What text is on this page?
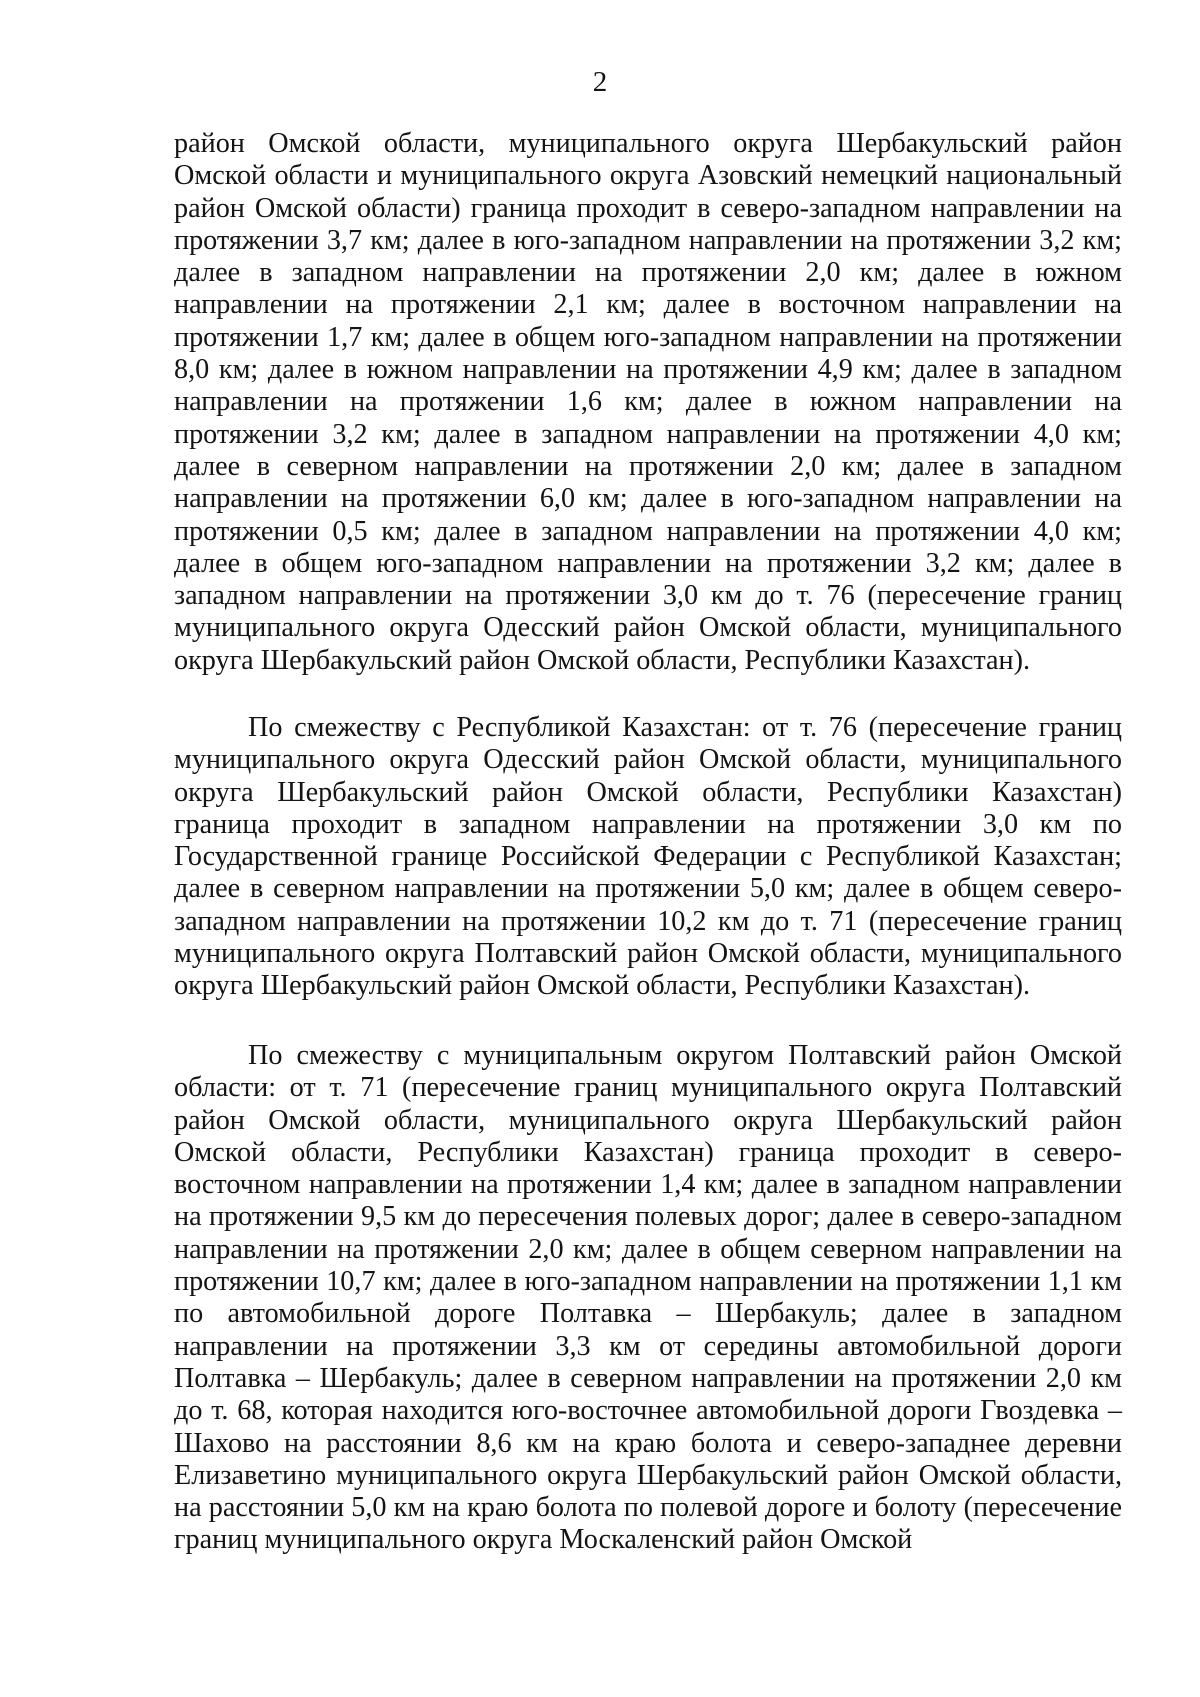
2

район Омской области, муниципального округа Шербакульский район Омской области и муниципального округа Азовский немецкий национальный район Омской области) граница проходит в северо-западном направлении на протяжении 3,7 км; далее в юго-западном направлении на протяжении 3,2 км; далее в западном направлении на протяжении 2,0 км; далее в южном направлении на протяжении 2,1 км; далее в восточном направлении на протяжении 1,7 км; далее в общем юго-западном направлении на протяжении 8,0 км; далее в южном направлении на протяжении 4,9 км; далее в западном направлении на протяжении 1,6 км; далее в южном направлении на протяжении 3,2 км; далее в западном направлении на протяжении 4,0 км; далее в северном направлении на протяжении 2,0 км; далее в западном направлении на протяжении 6,0 км; далее в юго-западном направлении на протяжении 0,5 км; далее в западном направлении на протяжении 4,0 км; далее в общем юго-западном направлении на протяжении 3,2 км; далее в западном направлении на протяжении 3,0 км до т. 76 (пересечение границ муниципального округа Одесский район Омской области, муниципального округа Шербакульский район Омской области, Республики Казахстан).

По смежеству с Республикой Казахстан: от т. 76 (пересечение границ муниципального округа Одесский район Омской области, муниципального округа Шербакульский район Омской области, Республики Казахстан) граница проходит в западном направлении на протяжении 3,0 км по Государственной границе Российской Федерации с Республикой Казахстан; далее в северном направлении на протяжении 5,0 км; далее в общем северо-западном направлении на протяжении 10,2 км до т. 71 (пересечение границ муниципального округа Полтавский район Омской области, муниципального округа Шербакульский район Омской области, Республики Казахстан).

По смежеству с муниципальным округом Полтавский район Омской области: от т. 71 (пересечение границ муниципального округа Полтавский район Омской области, муниципального округа Шербакульский район Омской области, Республики Казахстан) граница проходит в северо-восточном направлении на протяжении 1,4 км; далее в западном направлении на протяжении 9,5 км до пересечения полевых дорог; далее в северо-западном направлении на протяжении 2,0 км; далее в общем северном направлении на протяжении 10,7 км; далее в юго-западном направлении на протяжении 1,1 км по автомобильной дороге Полтавка – Шербакуль; далее в западном направлении на протяжении 3,3 км от середины автомобильной дороги Полтавка – Шербакуль; далее в северном направлении на протяжении 2,0 км до т. 68, которая находится юго-восточнее автомобильной дороги Гвоздевка – Шахово на расстоянии 8,6 км на краю болота и северо-западнее деревни Елизаветино муниципального округа Шербакульский район Омской области, на расстоянии 5,0 км на краю болота по полевой дороге и болоту (пересечение границ муниципального округа Москаленский район Омской
